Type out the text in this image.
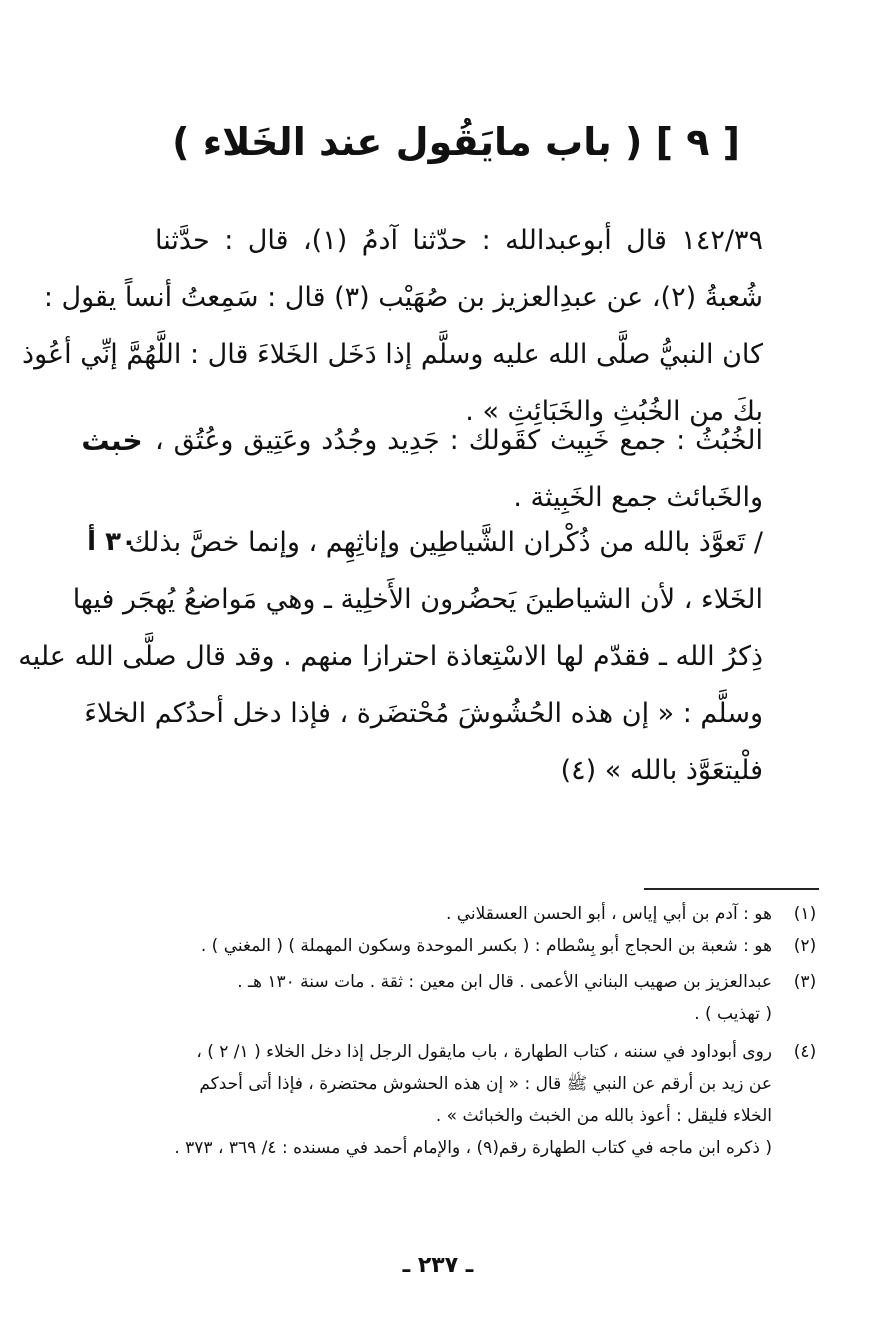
[ ٩ ] ( باب مايَقُول عند الخَلاء )
١٤٢/٣٩ قال أبوعبدالله : حدّثنا آدمُ (١)، قال : حدَّثنا
شُعبةُ (٢)، عن عبدِالعزيز بن صُهَيْب (٣) قال : سَمِعتُ أنساً يقول :
كان النبيُّ صلَّى الله عليه وسلَّم إذا دَخَل الخَلاءَ قال : اللَّهُمَّ إنِّي أعُوذ
بكَ من الخُبُثِ والخَبَائِثِ » .
الخُبُثُ : جمع خَبِيث كقَولك : جَدِيد وجُدُد وعَتِيق وعُتُق ،
والخَبائث جمع الخَبِيثة .
خبث
/ تَعوَّذ بالله من ذُكْران الشَّياطِين وإناثِهِم ، وإنما خصَّ بذلك
الخَلاء ، لأن الشياطينَ يَحضُرون الأَخلِية ـ وهي مَواضعُ يُهجَر فيها
ذِكرُ الله ـ فقدّم لها الاسْتِعاذة احترازا منهم . وقد قال صلَّى الله عليه
وسلَّم : « إن هذه الحُشُوشَ مُحْتضَرة ، فإذا دخل أحدُكم الخلاءَ
فلْيتعَوَّذ بالله » (٤)
٣٠ أ
(١)
هو : آدم بن أبي إياس ، أبو الحسن العسقلاني .
(٢)
هو : شعبة بن الحجاج أبو بِسْطام : ( بكسر الموحدة وسكون المهملة ) ( المغني ) .
(٣)
عبدالعزيز بن صهيب البناني الأعمى . قال ابن معين : ثقة . مات سنة ١٣٠ هـ .
( تهذيب ) .
(٤)
روى أبوداود في سننه ، كتاب الطهارة ، باب مايقول الرجل إذا دخل الخلاء ( ١/ ٢ ) ،
عن زيد بن أرقم عن النبي ﷺ قال : « إن هذه الحشوش محتضرة ، فإذا أتى أحدكم
الخلاء فليقل : أعوذ بالله من الخبث والخبائث » .
( ذكره ابن ماجه في كتاب الطهارة رقم(٩) ، والإمام أحمد في مسنده : ٤/ ٣٦٩ ، ٣٧٣ .
ـ ٢٣٧ ـ
